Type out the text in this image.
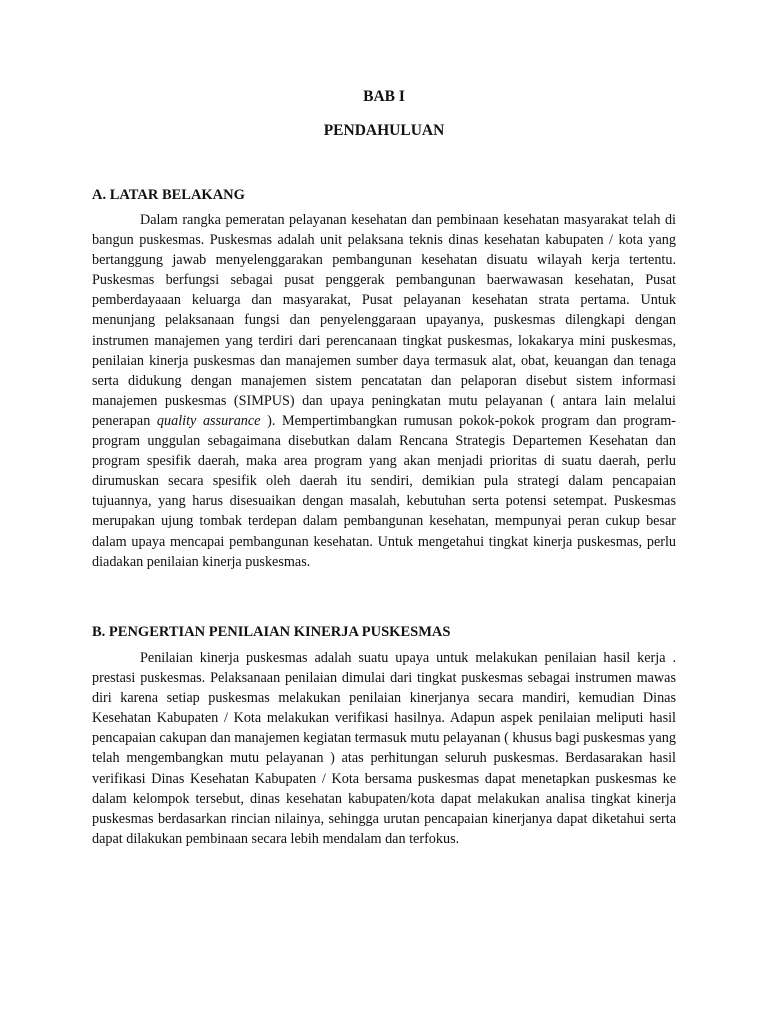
BAB I
PENDAHULUAN
A. LATAR BELAKANG

Dalam rangka pemeratan pelayanan kesehatan dan pembinaan kesehatan masyarakat telah di bangun puskesmas. Puskesmas adalah unit pelaksana teknis dinas kesehatan kabupaten / kota yang bertanggung jawab menyelenggarakan pembangunan kesehatan disuatu wilayah kerja tertentu. Puskesmas berfungsi sebagai pusat penggerak pembangunan baerwawasan kesehatan, Pusat pemberdayaaan keluarga dan masyarakat, Pusat pelayanan kesehatan strata pertama. Untuk menunjang pelaksanaan fungsi dan penyelenggaraan upayanya, puskesmas dilengkapi dengan instrumen manajemen yang terdiri dari perencanaan tingkat puskesmas, lokakarya mini puskesmas, penilaian kinerja puskesmas dan manajemen sumber daya termasuk alat, obat, keuangan dan tenaga serta didukung dengan manajemen sistem pencatatan dan pelaporan disebut sistem informasi manajemen puskesmas (SIMPUS) dan upaya peningkatan mutu pelayanan ( antara lain melalui penerapan quality assurance ). Mempertimbangkan rumusan pokok-pokok program dan program-program unggulan sebagaimana disebutkan dalam Rencana Strategis Departemen Kesehatan dan program spesifik daerah, maka area program yang akan menjadi prioritas di suatu daerah, perlu dirumuskan secara spesifik oleh daerah itu sendiri, demikian pula strategi dalam pencapaian tujuannya, yang harus disesuaikan dengan masalah, kebutuhan serta potensi setempat. Puskesmas merupakan ujung tombak terdepan dalam pembangunan kesehatan, mempunyai peran cukup besar dalam upaya mencapai pembangunan kesehatan. Untuk mengetahui tingkat kinerja puskesmas, perlu diadakan penilaian kinerja puskesmas.

B. PENGERTIAN PENILAIAN KINERJA PUSKESMAS

Penilaian kinerja puskesmas adalah suatu upaya untuk melakukan penilaian hasil kerja . prestasi puskesmas. Pelaksanaan penilaian dimulai dari tingkat puskesmas sebagai instrumen mawas diri karena setiap puskesmas melakukan penilaian kinerjanya secara mandiri, kemudian Dinas Kesehatan Kabupaten / Kota melakukan verifikasi hasilnya. Adapun aspek penilaian meliputi hasil pencapaian cakupan dan manajemen kegiatan termasuk mutu pelayanan ( khusus bagi puskesmas yang telah mengembangkan mutu pelayanan ) atas perhitungan seluruh puskesmas. Berdasarakan hasil verifikasi Dinas Kesehatan Kabupaten / Kota bersama puskesmas dapat menetapkan puskesmas ke dalam kelompok tersebut, dinas kesehatan kabupaten/kota dapat melakukan analisa tingkat kinerja puskesmas berdasarkan rincian nilainya, sehingga urutan pencapaian kinerjanya dapat diketahui serta dapat dilakukan pembinaan secara lebih mendalam dan terfokus.
